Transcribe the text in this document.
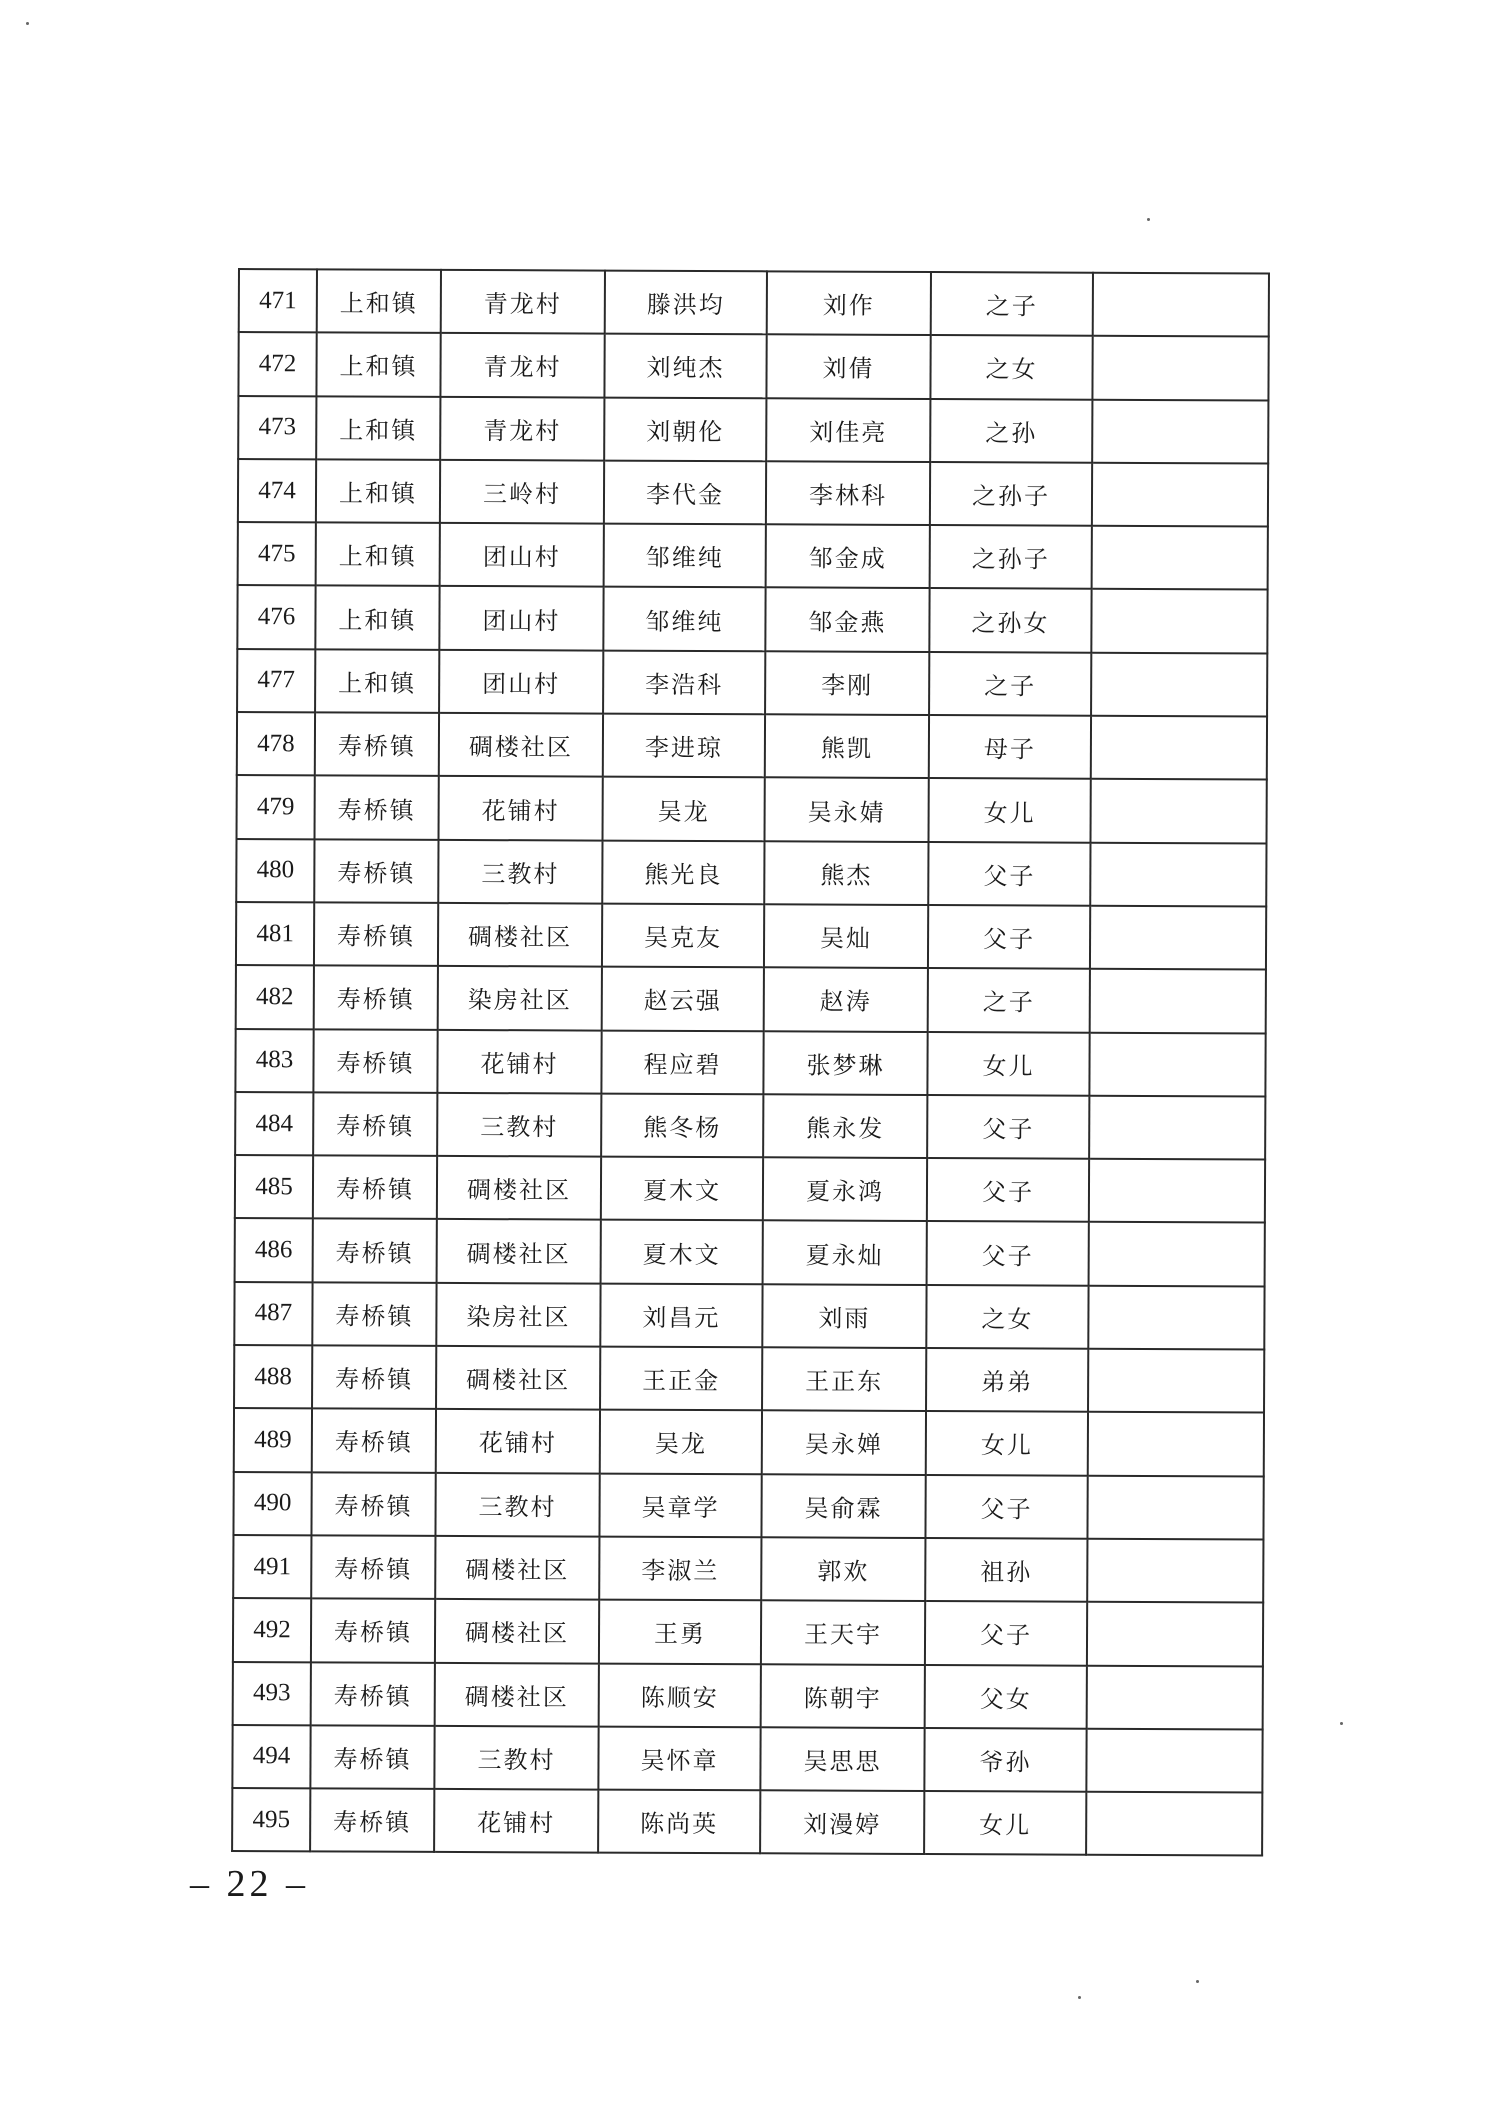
471	上和镇	青龙村	滕洪均	刘作	之子	
472	上和镇	青龙村	刘纯杰	刘倩	之女	
473	上和镇	青龙村	刘朝伦	刘佳亮	之孙	
474	上和镇	三岭村	李代金	李林科	之孙子	
475	上和镇	团山村	邹维纯	邹金成	之孙子	
476	上和镇	团山村	邹维纯	邹金燕	之孙女	
477	上和镇	团山村	李浩科	李刚	之子	
478	寿桥镇	碉楼社区	李进琼	熊凯	母子	
479	寿桥镇	花铺村	吴龙	吴永婧	女儿	
480	寿桥镇	三教村	熊光良	熊杰	父子	
481	寿桥镇	碉楼社区	吴克友	吴灿	父子	
482	寿桥镇	染房社区	赵云强	赵涛	之子	
483	寿桥镇	花铺村	程应碧	张梦琳	女儿	
484	寿桥镇	三教村	熊冬杨	熊永发	父子	
485	寿桥镇	碉楼社区	夏木文	夏永鸿	父子	
486	寿桥镇	碉楼社区	夏木文	夏永灿	父子	
487	寿桥镇	染房社区	刘昌元	刘雨	之女	
488	寿桥镇	碉楼社区	王正金	王正东	弟弟	
489	寿桥镇	花铺村	吴龙	吴永婵	女儿	
490	寿桥镇	三教村	吴章学	吴俞霖	父子	
491	寿桥镇	碉楼社区	李淑兰	郭欢	祖孙	
492	寿桥镇	碉楼社区	王勇	王天宇	父子	
493	寿桥镇	碉楼社区	陈顺安	陈朝宇	父女	
494	寿桥镇	三教村	吴怀章	吴思思	爷孙	
495	寿桥镇	花铺村	陈尚英	刘漫婷	女儿	
– 22 –
